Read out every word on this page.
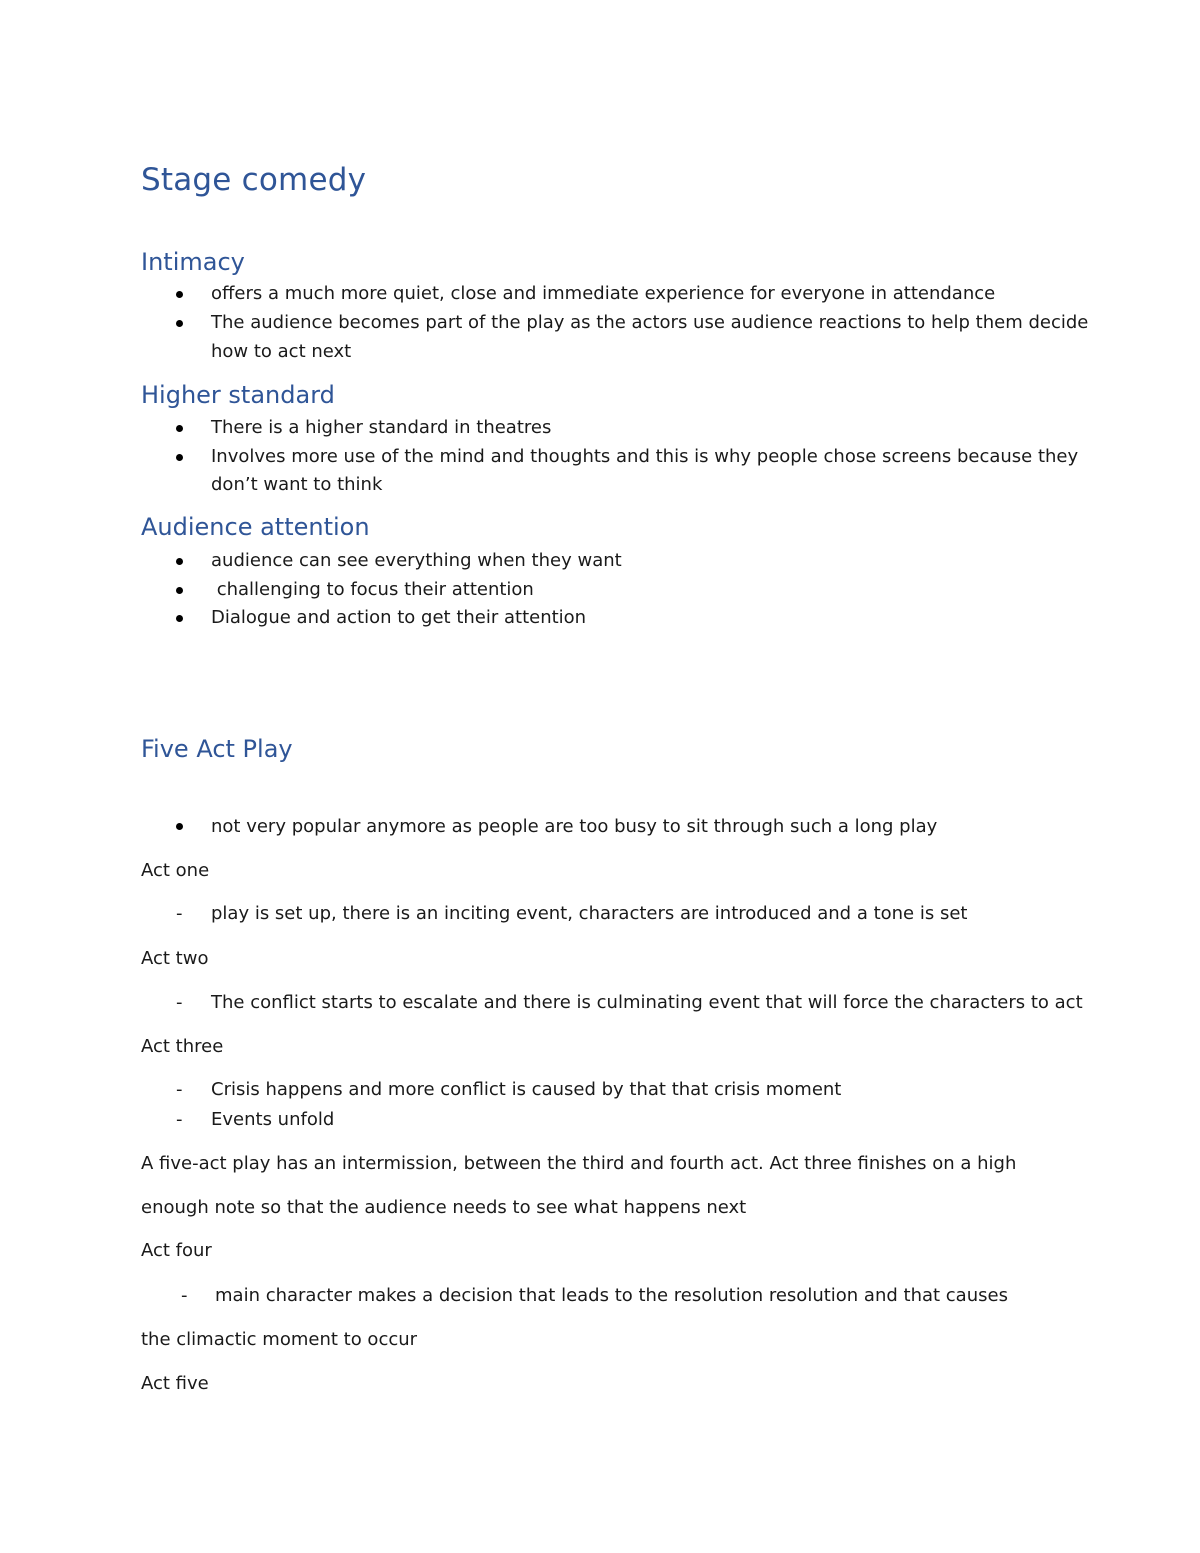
Stage comedy
Intimacy
offers a much more quiet, close and immediate experience for everyone in attendance
The audience becomes part of the play as the actors use audience reactions to help them decide
how to act next
Higher standard
There is a higher standard in theatres
Involves more use of the mind and thoughts and this is why people chose screens because they
don’t want to think
Audience attention
audience can see everything when they want
challenging to focus their attention
Dialogue and action to get their attention
Five Act Play
not very popular anymore as people are too busy to sit through such a long play
Act one
- play is set up, there is an inciting event, characters are introduced and a tone is set
Act two
- The conflict starts to escalate and there is culminating event that will force the characters to act
Act three
- Crisis happens and more conflict is caused by that that crisis moment
- Events unfold
A five-act play has an intermission, between the third and fourth act. Act three finishes on a high
enough note so that the audience needs to see what happens next
Act four
- main character makes a decision that leads to the resolution resolution and that causes
the climactic moment to occur
Act five
